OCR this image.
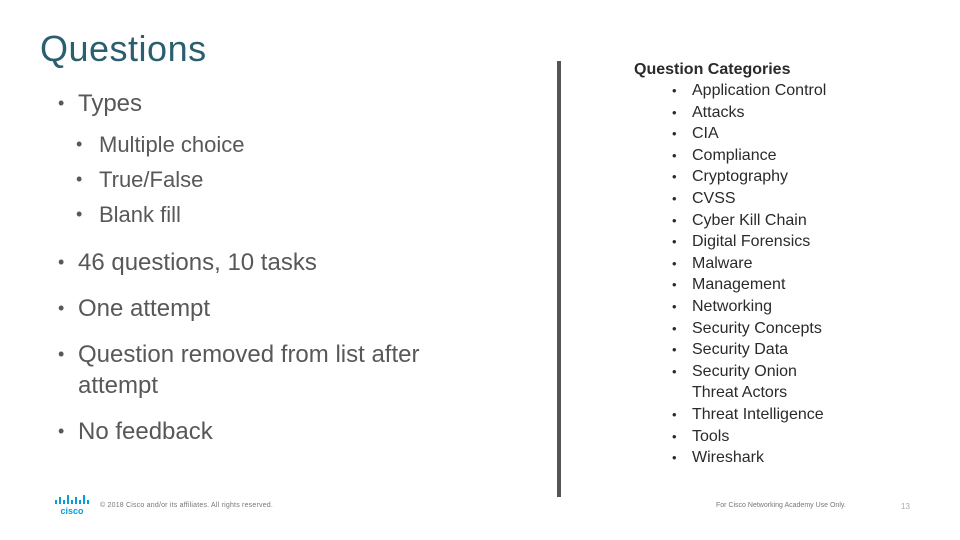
Questions
• Types
• Multiple choice
• True/False
• Blank fill
• 46 questions, 10 tasks
• One attempt
• Question removed from list after attempt
• No feedback
Question Categories
• Application Control
• Attacks
• CIA
• Compliance
• Cryptography
• CVSS
• Cyber Kill Chain
• Digital Forensics
• Malware
• Management
• Networking
• Security Concepts
• Security Data
• Security Onion
Threat Actors
• Threat Intelligence
• Tools
• Wireshark
cisco
© 2018 Cisco and/or its affiliates. All rights reserved.	For Cisco Networking Academy Use Only.	13
